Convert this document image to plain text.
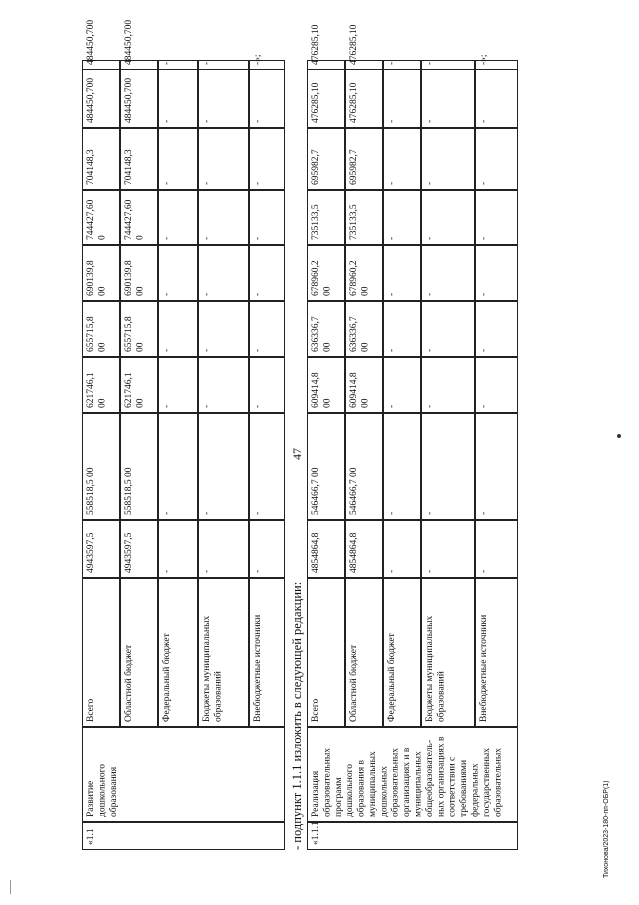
47
Тихонова/2023-180-пп-ОБР(1)
- подпункт 1.1.1 изложить в следующей редакции:
«1.1
Развитие дошкольного образования
Всего
4943597,5
558518,5 00
621746,1 00
655715,8 00
690139,8 00
744427,60 0
704148,3
484450,700
484450,700
Областной бюджет
4943597,5
558518,5 00
621746,1 00
655715,8 00
690139,8 00
744427,60 0
704148,3
484450,700
484450,700
Федеральный бюджет
-
-
-
-
-
-
-
-
-
Бюджеты муниципальных образований
-
-
-
-
-
-
-
-
-
Внебюджетные источники
-
-
-
-
-
-
-
-
-»;
«1.1.1
Реализация образовательных программ дошкольного образования в муниципальных дошкольных образовательных организациях и в муниципальных общеобразователь-ных организациях в соответствии с требованиями федеральных государственных образовательных
Всего
4854864,8
546466,7 00
609414,8 00
636336,7 00
678960,2 00
735133,5
695982,7
476285,10
476285,10
Областной бюджет
4854864,8
546466,7 00
609414,8 00
636336,7 00
678960,2 00
735133,5
695982,7
476285,10
476285,10
Федеральный бюджет
-
-
-
-
-
-
-
-
-
Бюджеты муниципальных образований
-
-
-
-
-
-
-
-
-
Внебюджетные источники
-
-
-
-
-
-
-
-
-»;
